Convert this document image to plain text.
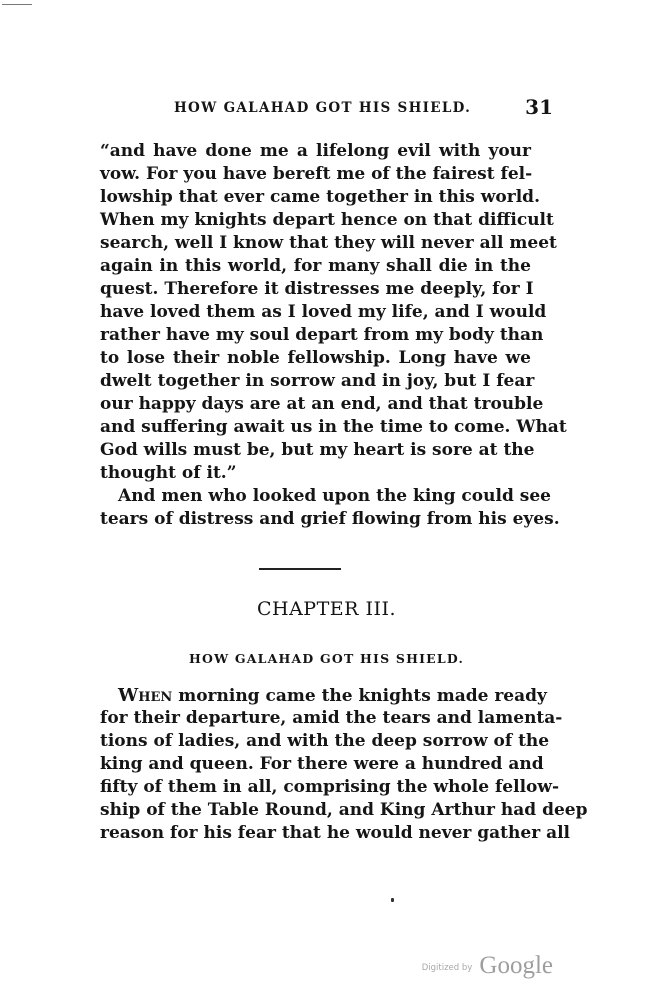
HOW GALAHAD GOT HIS SHIELD.	31
“and have done me a lifelong evil with your
vow. For you have bereft me of the fairest fel-
lowship that ever came together in this world.
When my knights depart hence on that difficult
search, well I know that they will never all meet
again in this world, for many shall die in the
quest. Therefore it distresses me deeply, for I
have loved them as I loved my life, and I would
rather have my soul depart from my body than
to lose their noble fellowship. Long have we
dwelt together in sorrow and in joy, but I fear
our happy days are at an end, and that trouble
and suffering await us in the time to come. What
God wills must be, but my heart is sore at the
thought of it.”
And men who looked upon the king could see
tears of distress and grief flowing from his eyes.
CHAPTER III.
HOW GALAHAD GOT HIS SHIELD.
When morning came the knights made ready
for their departure, amid the tears and lamenta-
tions of ladies, and with the deep sorrow of the
king and queen. For there were a hundred and
fifty of them in all, comprising the whole fellow-
ship of the Table Round, and King Arthur had deep
reason for his fear that he would never gather all
Digitized by Google
